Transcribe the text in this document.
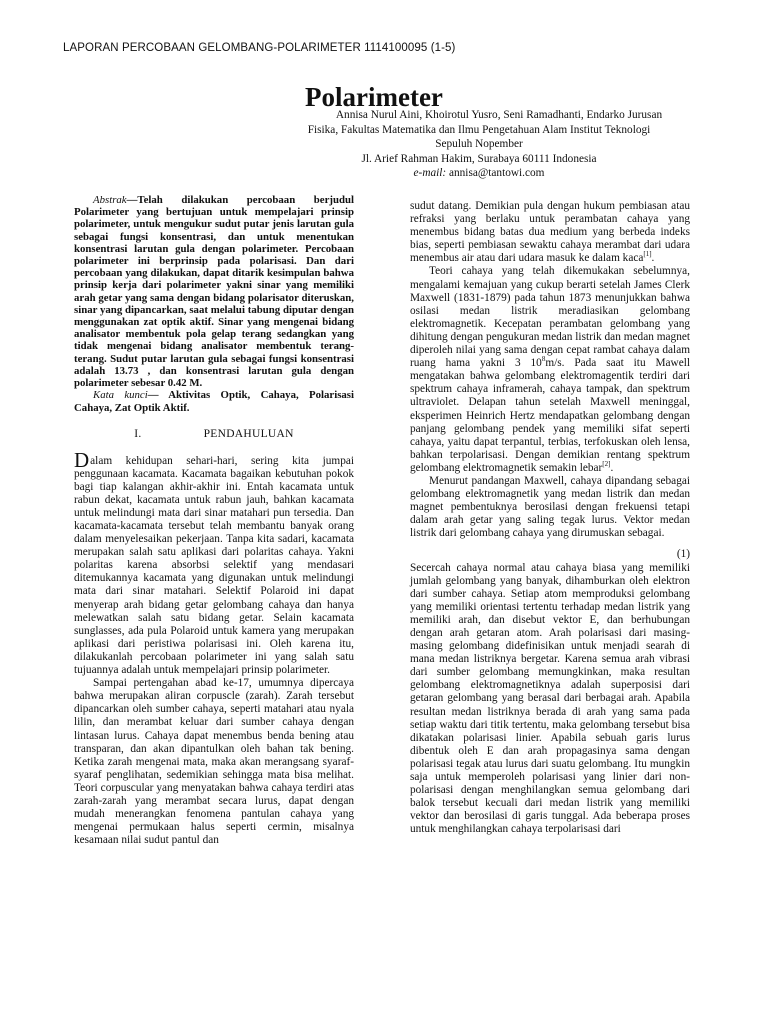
LAPORAN PERCOBAAN GELOMBANG-POLARIMETER 1114100095 (1-5)
Polarimeter
Annisa Nurul Aini, Khoirotul Yusro, Seni Ramadhanti, Endarko Jurusan
Fisika, Fakultas Matematika dan Ilmu Pengetahuan Alam Institut Teknologi
Sepuluh Nopember
Jl. Arief Rahman Hakim, Surabaya 60111 Indonesia
e-mail: annisa@tantowi.com

Abstrak—Telah dilakukan percobaan berjudul Polarimeter yang bertujuan untuk mempelajari prinsip polarimeter, untuk mengukur sudut putar jenis larutan gula sebagai fungsi konsentrasi, dan untuk menentukan konsentrasi larutan gula dengan polarimeter. Percobaan polarimeter ini berprinsip pada polarisasi. Dan dari percobaan yang dilakukan, dapat ditarik kesimpulan bahwa prinsip kerja dari polarimeter yakni sinar yang memiliki arah getar yang sama dengan bidang polarisator diteruskan, sinar yang dipancarkan, saat melalui tabung diputar dengan menggunakan zat optik aktif. Sinar yang mengenai bidang analisator membentuk pola gelap terang sedangkan yang tidak mengenai bidang analisator membentuk terang-terang. Sudut putar larutan gula sebagai fungsi konsentrasi adalah 13.73 , dan konsentrasi larutan gula dengan polarimeter sebesar 0.42 M.

Kata kunci— Aktivitas Optik, Cahaya, Polarisasi Cahaya, Zat Optik Aktif.

I.	PENDAHULUAN

Dalam kehidupan sehari-hari, sering kita jumpai penggunaan kacamata. Kacamata bagaikan kebutuhan pokok bagi tiap kalangan akhir-akhir ini. Entah kacamata untuk rabun dekat, kacamata untuk rabun jauh, bahkan kacamata untuk melindungi mata dari sinar matahari pun tersedia. Dan kacamata-kacamata tersebut telah membantu banyak orang dalam menyelesaikan pekerjaan. Tanpa kita sadari, kacamata merupakan salah satu aplikasi dari polaritas cahaya. Yakni polaritas karena absorbsi selektif yang mendasari ditemukannya kacamata yang digunakan untuk melindungi mata dari sinar matahari. Selektif Polaroid ini dapat menyerap arah bidang getar gelombang cahaya dan hanya melewatkan salah satu bidang getar. Selain kacamata sunglasses, ada pula Polaroid untuk kamera yang merupakan aplikasi dari peristiwa polarisasi ini. Oleh karena itu, dilakukanlah percobaan polarimeter ini yang salah satu tujuannya adalah untuk mempelajari prinsip polarimeter.

Sampai pertengahan abad ke-17, umumnya dipercaya bahwa merupakan aliran corpuscle (zarah). Zarah tersebut dipancarkan oleh sumber cahaya, seperti matahari atau nyala lilin, dan merambat keluar dari sumber cahaya dengan lintasan lurus. Cahaya dapat menembus benda bening atau transparan, dan akan dipantulkan oleh bahan tak bening. Ketika zarah mengenai mata, maka akan merangsang syaraf-syaraf penglihatan, sedemikian sehingga mata bisa melihat. Teori corpuscular yang menyatakan bahwa cahaya terdiri atas zarah-zarah yang merambat secara lurus, dapat dengan mudah menerangkan fenomena pantulan cahaya yang mengenai permukaan halus seperti cermin, misalnya kesamaan nilai sudut pantul dan

sudut datang. Demikian pula dengan hukum pembiasan atau refraksi yang berlaku untuk perambatan cahaya yang menembus bidang batas dua medium yang berbeda indeks bias, seperti pembiasan sewaktu cahaya merambat dari udara menembus air atau dari udara masuk ke dalam kaca[1].

Teori cahaya yang telah dikemukakan sebelumnya, mengalami kemajuan yang cukup berarti setelah James Clerk Maxwell (1831-1879) pada tahun 1873 menunjukkan bahwa osilasi medan listrik meradiasikan gelombang elektromagnetik. Kecepatan perambatan gelombang yang dihitung dengan pengukuran medan listrik dan medan magnet diperoleh nilai yang sama dengan cepat rambat cahaya dalam ruang hama yakni 3 $10^8m/s$. Pada saat itu Mawell mengatakan bahwa gelombang elektromagentik terdiri dari spektrum cahaya inframerah, cahaya tampak, dan spektrum ultraviolet. Delapan tahun setelah Maxwell meninggal, eksperimen Heinrich Hertz mendapatkan gelombang dengan panjang gelombang pendek yang memiliki sifat seperti cahaya, yaitu dapat terpantul, terbias, terfokuskan oleh lensa, bahkan terpolarisasi. Dengan demikian rentang spektrum gelombang elektromagnetik semakin lebar[2].

Menurut pandangan Maxwell, cahaya dipandang sebagai gelombang elektromagnetik yang medan listrik dan medan magnet pembentuknya berosilasi dengan frekuensi tetapi dalam arah getar yang saling tegak lurus. Vektor medan listrik dari gelombang cahaya yang dirumuskan sebagai.

(1)

Secercah cahaya normal atau cahaya biasa yang memiliki jumlah gelombang yang banyak, dihamburkan oleh elektron dari sumber cahaya. Setiap atom memproduksi gelombang yang memiliki orientasi tertentu terhadap medan listrik yang memiliki arah, dan disebut vektor E, dan berhubungan dengan arah getaran atom. Arah polarisasi dari masing-masing gelombang didefinisikan untuk menjadi searah di mana medan listriknya bergetar. Karena semua arah vibrasi dari sumber gelombang memungkinkan, maka resultan gelombang elektromagnetiknya adalah superposisi dari getaran gelombang yang berasal dari berbagai arah. Apabila resultan medan listriknya berada di arah yang sama pada setiap waktu dari titik tertentu, maka gelombang tersebut bisa dikatakan polarisasi linier. Apabila sebuah garis lurus dibentuk oleh E dan arah propagasinya sama dengan polarisasi tegak atau lurus dari suatu gelombang. Itu mungkin saja untuk memperoleh polarisasi yang linier dari non-polarisasi dengan menghilangkan semua gelombang dari balok tersebut kecuali dari medan listrik yang memiliki vektor dan berosilasi di garis tunggal. Ada beberapa proses untuk menghilangkan cahaya terpolarisasi dari
